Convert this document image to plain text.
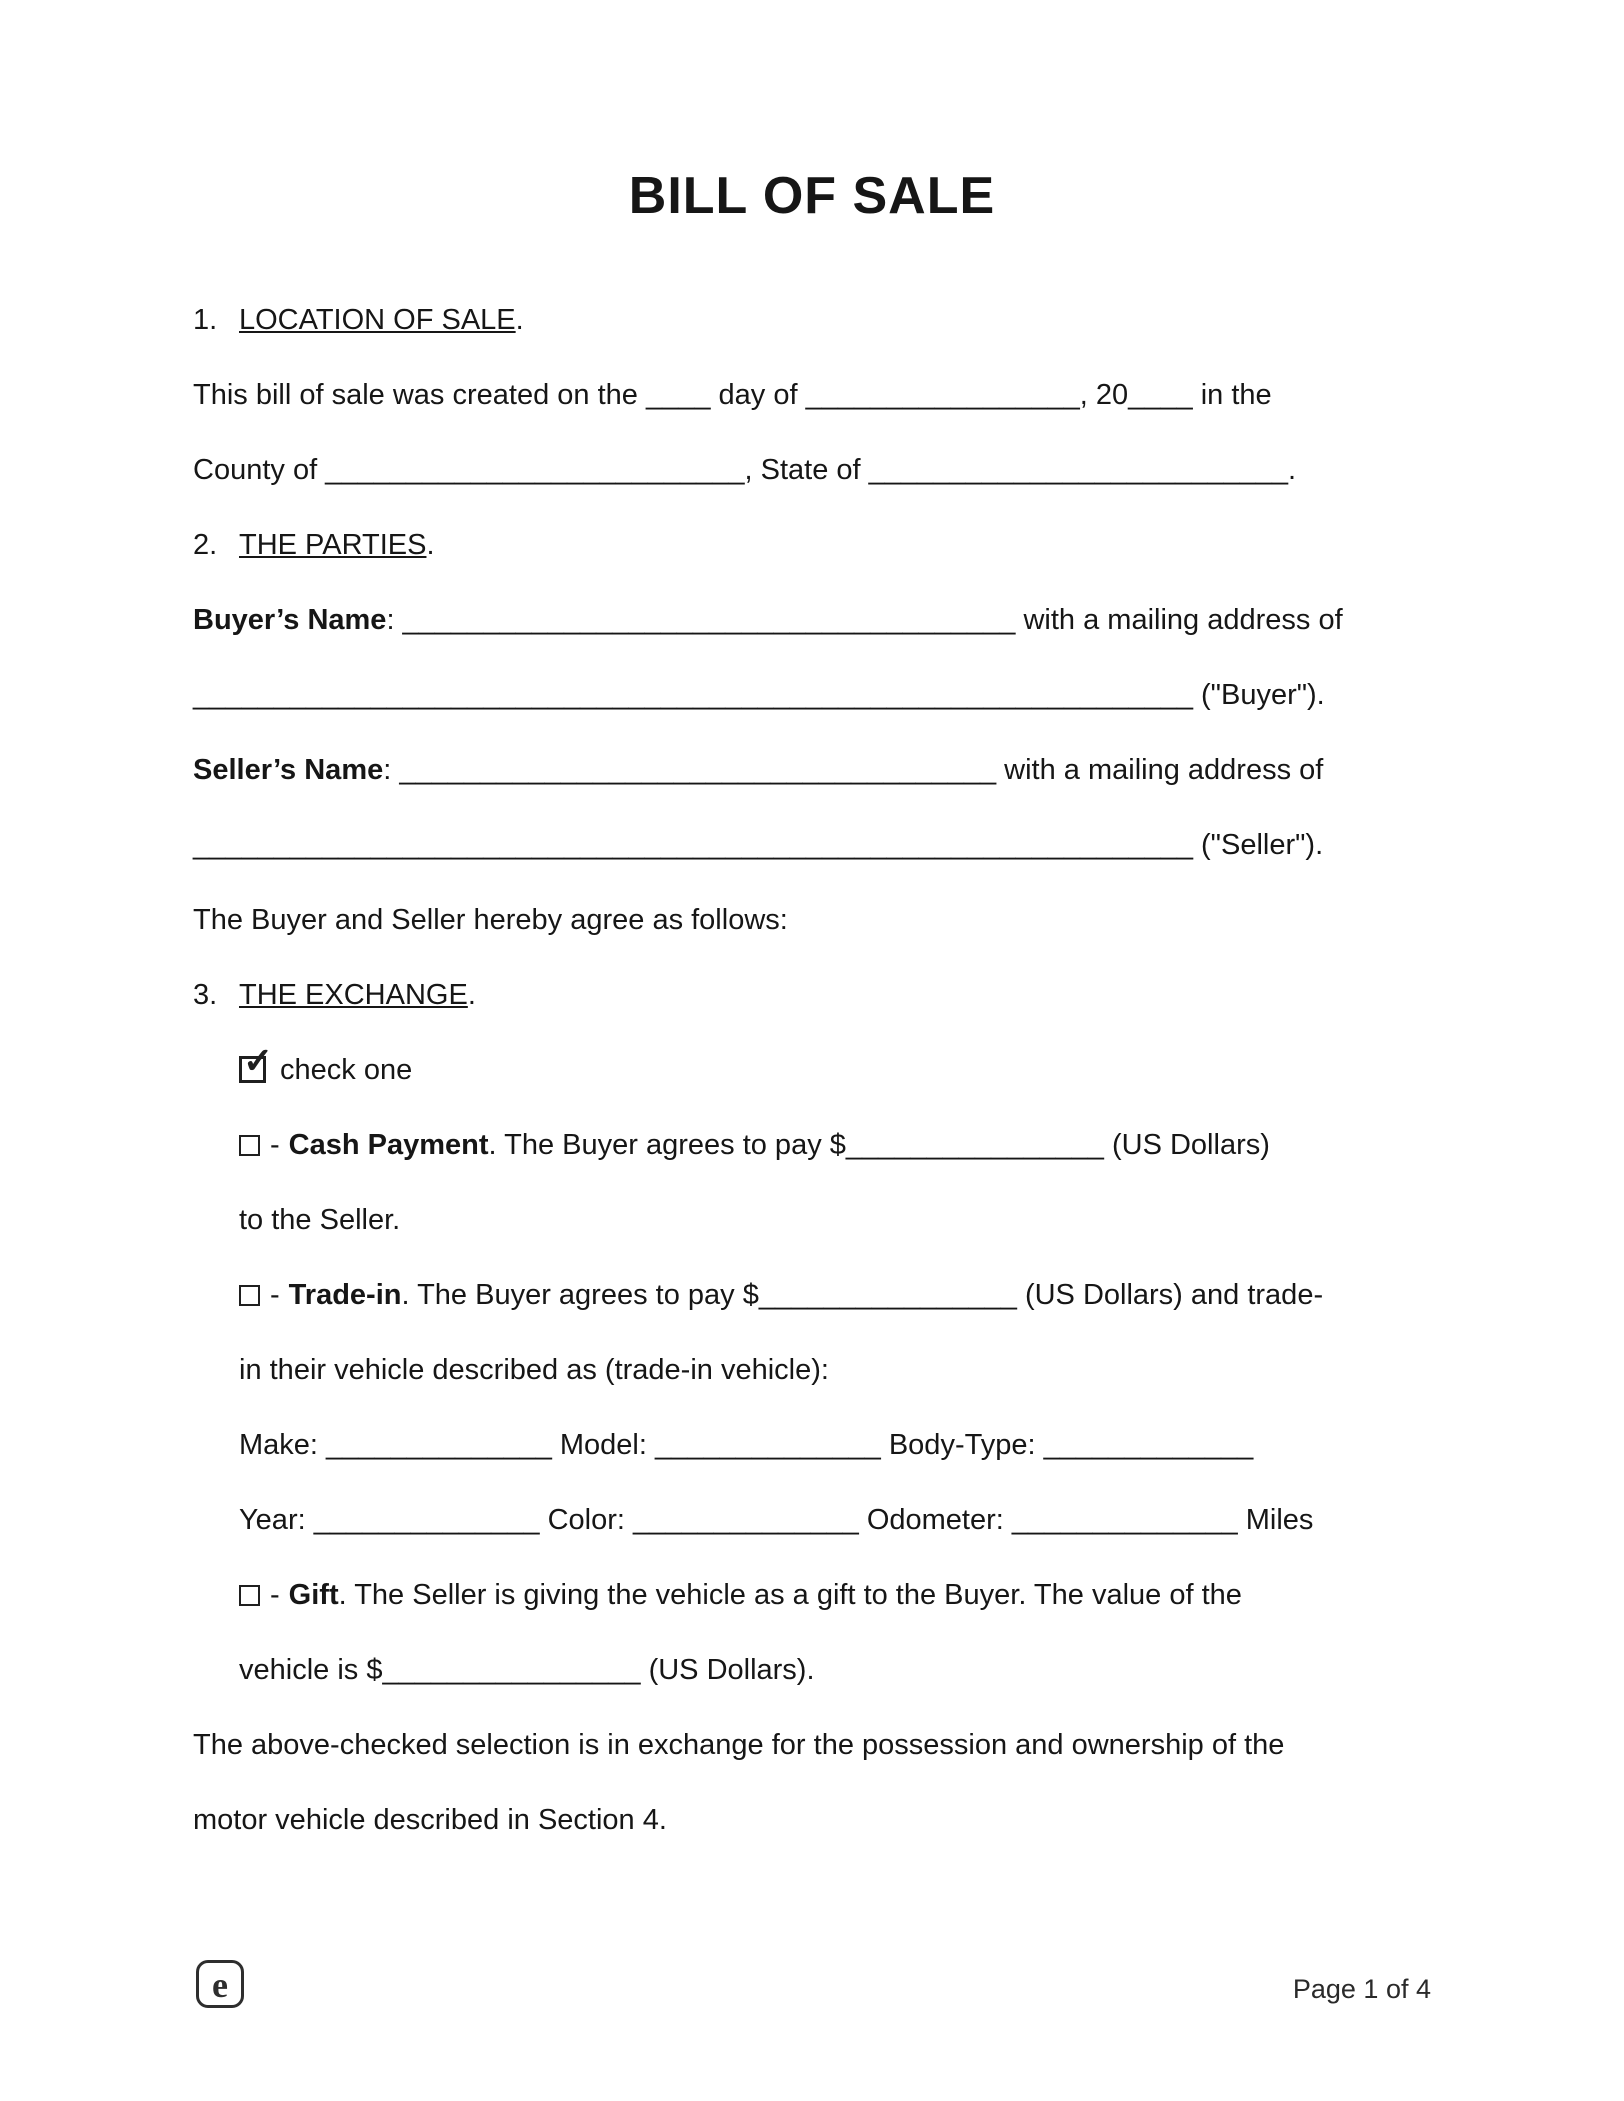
BILL OF SALE
1. LOCATION OF SALE.
This bill of sale was created on the ____ day of _________________, 20____ in the
County of __________________________, State of __________________________.
2. THE PARTIES.
Buyer’s Name: ______________________________________ with a mailing address of
______________________________________________________________ ("Buyer").
Seller’s Name: _____________________________________ with a mailing address of
______________________________________________________________ ("Seller").
The Buyer and Seller hereby agree as follows:
3. THE EXCHANGE.
✓ check one
- Cash Payment. The Buyer agrees to pay $________________ (US Dollars)
to the Seller.
- Trade-in. The Buyer agrees to pay $________________ (US Dollars) and trade-
in their vehicle described as (trade-in vehicle):
Make: ______________ Model: ______________ Body-Type: _____________
Year: ______________ Color: ______________ Odometer: ______________ Miles
- Gift. The Seller is giving the vehicle as a gift to the Buyer. The value of the
vehicle is $________________ (US Dollars).
The above-checked selection is in exchange for the possession and ownership of the
motor vehicle described in Section 4.
e	Page 1 of 4
